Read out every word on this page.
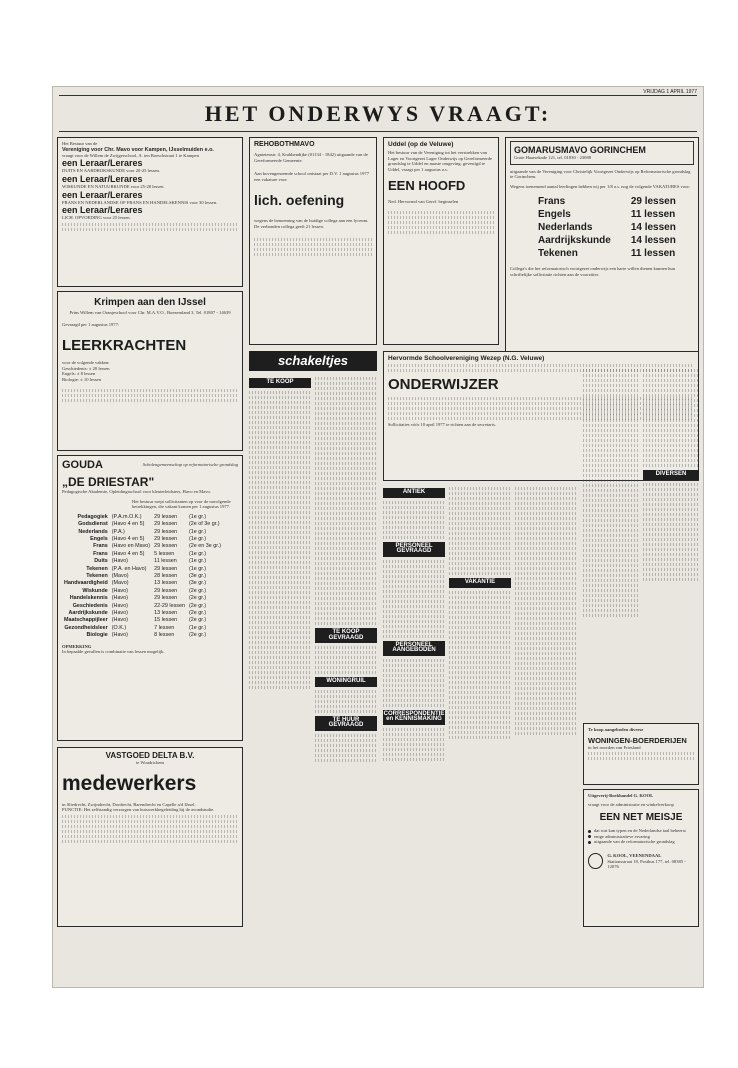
VRIJDAG 1 APRIL 1977
HET ONDERWYS VRAAGT:
Het Bestuur van de
Vereniging voor Chr. Mavo voor Kampen, IJsselmuiden e.o.
vraagt voor de Willem de Zwijgerschool, A. ten Boeschstraat 1 te Kampen
een Leraar/Lerares
DUITS EN AARDRIJKSKUNDE voor 20-25 lessen.
een Leraar/Lerares
WISKUNDE EN NATUURKUNDE voor 25-28 lessen.
een Leraar/Lerares
FRANS EN NEDERLANDSE OF FRANS EN HANDELSKENNIS voor 30 lessen.
een Leraar/Lerares
LICH. OPVOEDING voor 25 lessen.
Krimpen aan den IJssel
Prins Willem van Oranjeschool voor Chr. M.A.V.O., Boezemland 3. Tel. 01807 - 14639
Gevraagd per 1 augustus 1977:
LEERKRACHTEN
voor de volgende vakken:
Geschiedenis: ± 20 lessen
Engels: ± 8 lessen
Biologie: ± 10 lessen
GOUDA	Scholengemeenschap op reformatorische grondslag
„DE DRIESTAR"
Pedagogische Akademie, Opleidingsschool voor kleuterleidsters, Havo en Mavo.
Het bestuur roept sollicitanten op voor de navolgende betrekkingen, die vakant komen per 1 augustus 1977.
Pedagogiek	(P.A.m.O.K.)	29 lessen	(1e gr.)
Godsdienst	(Havo 4 en 5)	29 lessen	(2e of 3e gr.)
Nederlands	(P.A.)	29 lessen	(1e gr.)
Engels	(Havo 4 en 5)	29 lessen	(1e gr.)
Frans	(Havo en Mavo)	29 lessen	(2e en 3e gr.)
Frans	(Havo 4 en 5)	5 lessen	(1e gr.)
Duits	(Havo)	11 lessen	(1e gr.)
Tekenen	(P.A. en Havo)	29 lessen	(1e gr.)
Tekenen	(Mavo)	28 lessen	(3e gr.)
Handvaardigheid	(Mavo)	13 lessen	(3e gr.)
Wiskunde	(Havo)	29 lessen	(2e gr.)
Handelskennis	(Havo)	29 lessen	(2e gr.)
Geschiedenis	(Havo)	22-29 lessen	(2e gr.)
Aardrijkskunde	(Havo)	13 lessen	(2e gr.)
Maatschappijleer	(Havo)	15 lessen	(2e gr.)
Gezondheidsleer	(O.K.)	7 lessen	(1e gr.)
Biologie	(Havo)	8 lessen	(2e gr.)
OPMERKING
In bepaalde gevallen is combinatie van lessen mogelijk.
VASTGOED DELTA B.V.
te Woudrichem
medewerkers
in Sliedrecht, Zwijndrecht, Dordrecht, Barendrecht en Capelle a/d IJssel.
FUNCTIE: Het zelfstandig verzorgen van huiswerkbegeleiding bij de avondstudie.
REHOBOTHMAVO
Agnietenstr. 4, Krabbendijke (01134 - 1842) uitgaande van de Gereformeerde Gemeente.
Aan bovengenoemde school ontstaat per D.V. 1 augustus 1977 een vakature voor
lich. oefening
wegens de benoeming van de huidige collega aan een lyceum. De verbonden collega geeft 21 lessen.
Uddel (op de Veluwe)
Het bestuur van de Vereniging tot het verstrekken van Lager en Voortgezet Lager Onderwijs op Gereformeerde grondslag te Uddel en naaste omgeving, gevestigd te Uddel, vraagt per 1 augustus a.s.
EEN HOOFD
Ned. Hervormd van Geref. beginselen
GOMARUSMAVO GORINCHEM
Grote Haarsekade 121, tel. 01830 - 23088
uitgaande van de Vereniging voor Christelijk Voortgezet Onderwijs op Reformatorische grondslag te Gorinchem.
Wegens toenemend aantal leerlingen hebben wij per 1/8 a.s. nog de volgende VAKATURES voor:
Frans	29 lessen
Engels	11 lessen
Nederlands	14 lessen
Aardrijkskunde	14 lessen
Tekenen	11 lessen
Collega's die het reformatorisch voortgezet onderwijs een harte willen dienen kunnen hun schriftelijke sollicitatie richten aan de voorzitter.
Hervormde Schoolvereniging Wezep (N.G. Veluwe)
ONDERWIJZER
Sollicitaties vóór 10 april 1977 te richten aan de secretaris.
schakeltjes
TE KOOP
TE KOOP GEVRAAGD
WONINGRUIL
TE HUUR GEVRAAGD
ANTIEK
PERSONEEL GEVRAAGD
PERSONEEL AANGEBODEN
CORRESPONDENTIE en KENNISMAKING
VAKANTIE
DIVERSEN
Te koop aangeboden diverse
WONINGEN-BOERDERIJEN
in het noorden van Friesland
Uitgeverij-Boekhandel G. KOOL
vraagt voor de administratie en winkelverkoop
EEN NET MEISJE
dat wat kan typen en de Nederlandse taal beheerst
enige administratieve ervaring
uitgaande van de reformatorische grondslag
G. KOOL, VEENENDAAL
Stationsstraat 18, Postbus 177, tel. 08385 - 12076
